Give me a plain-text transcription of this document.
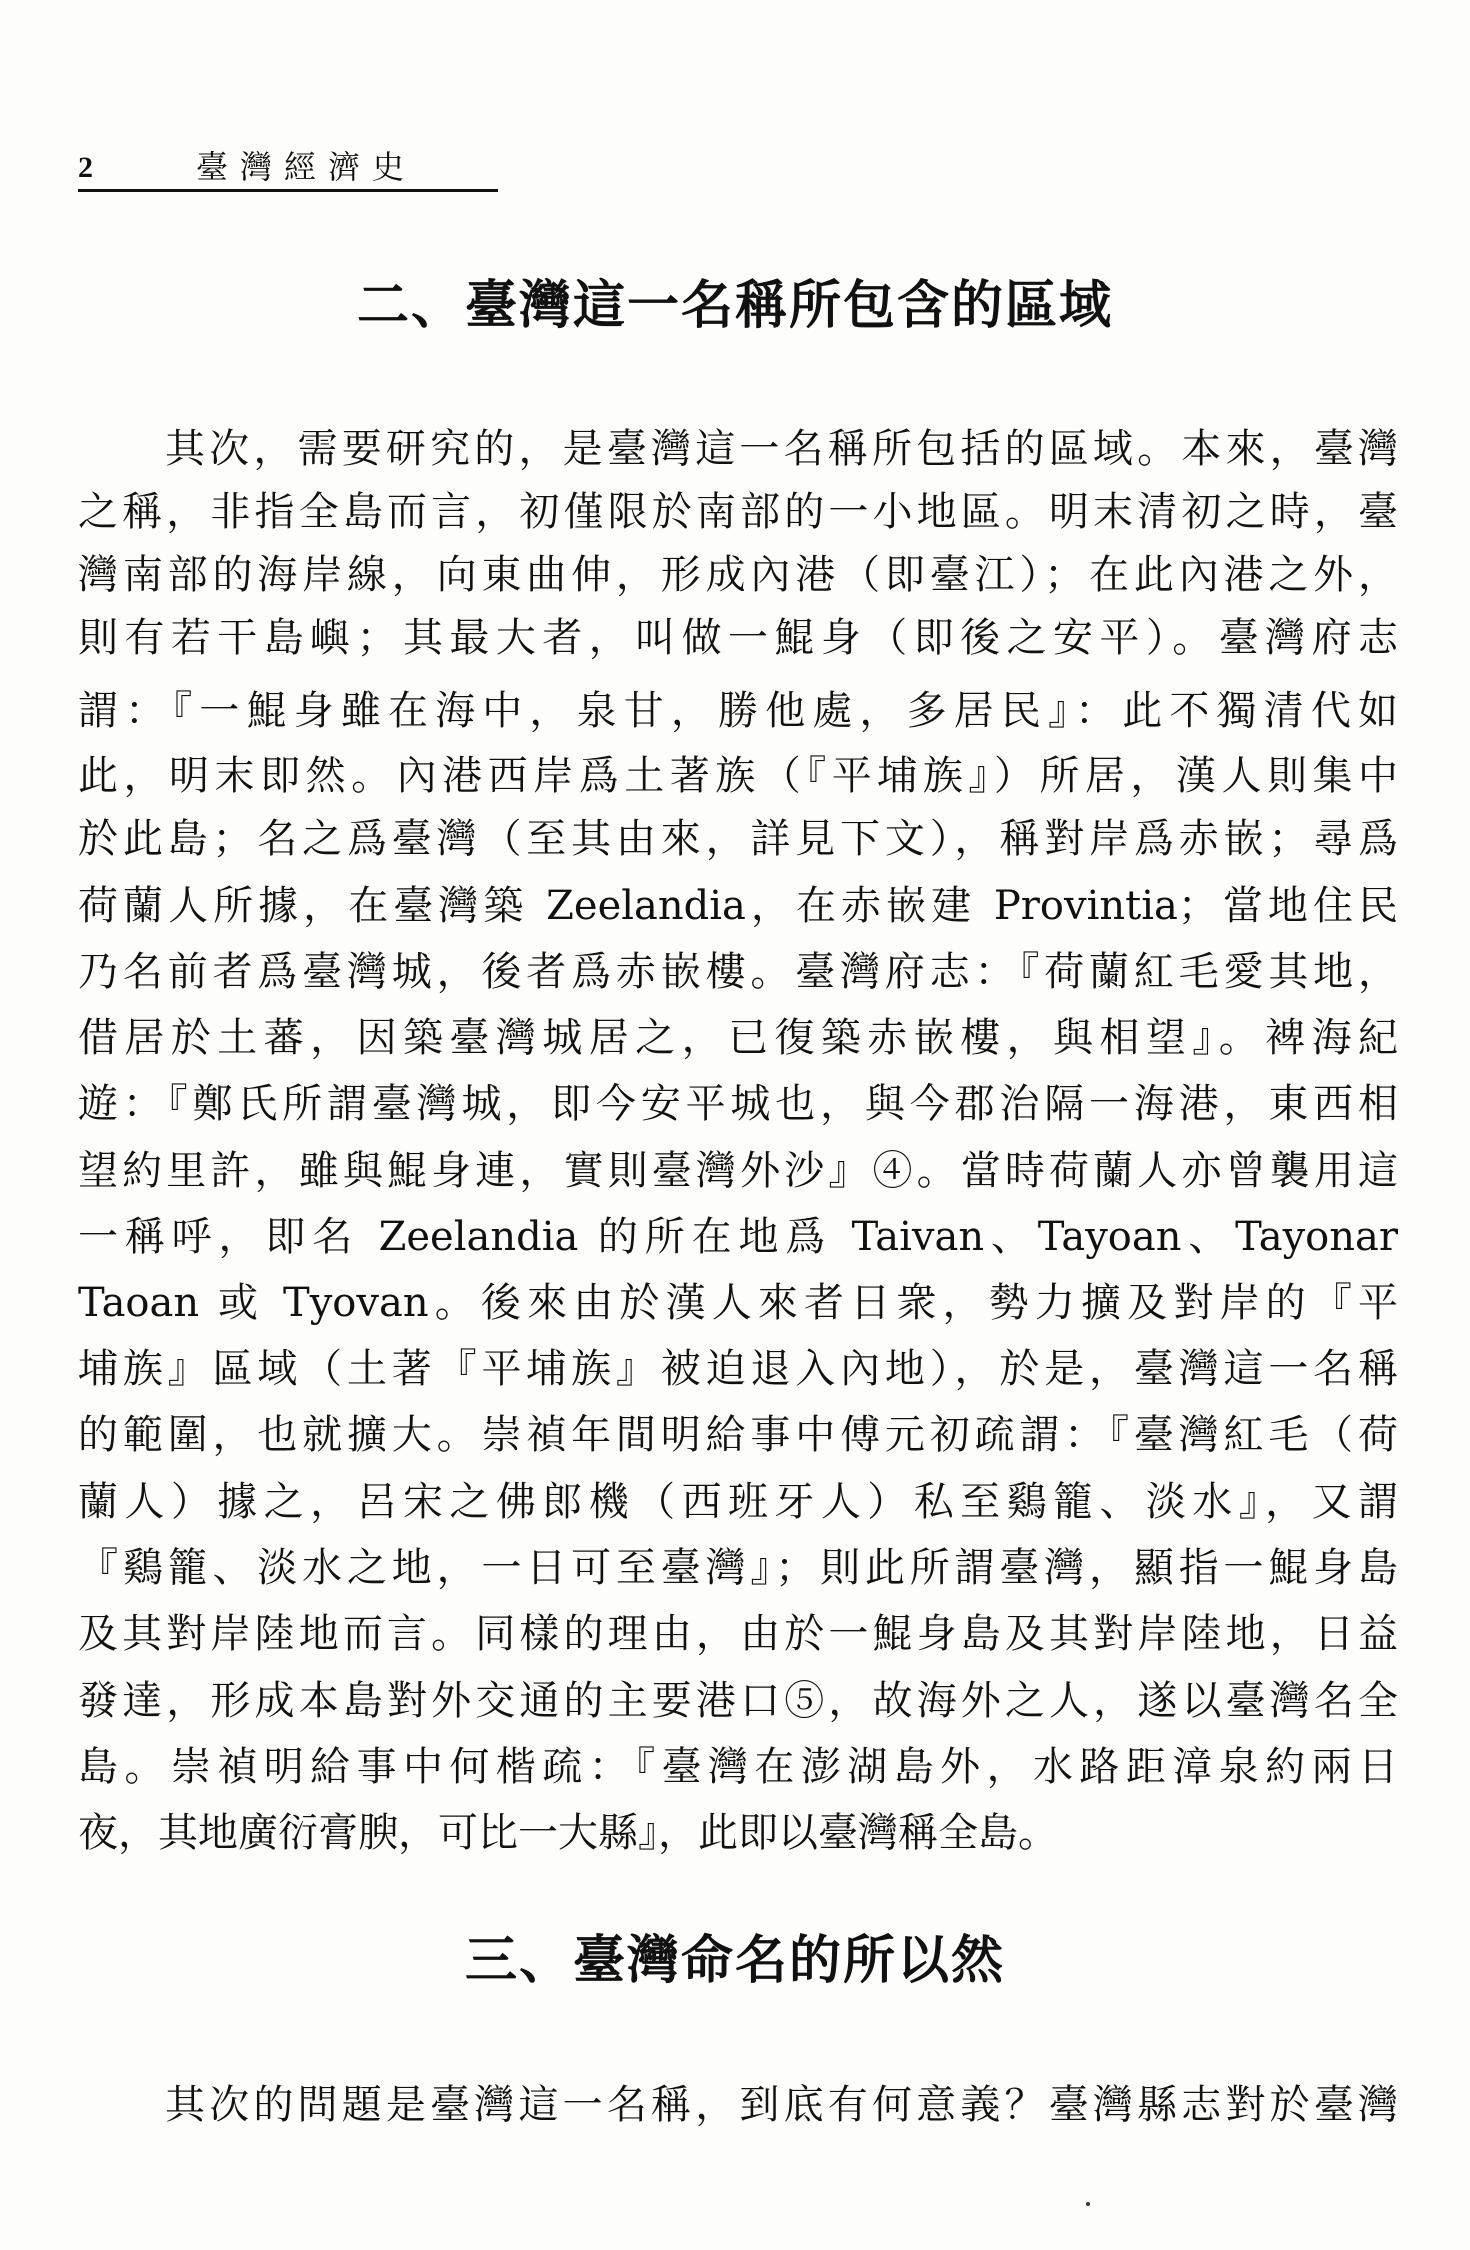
2	臺灣經濟史
二、臺灣這一名稱所包含的區域
其次，需要研究的，是臺灣這一名稱所包括的區域。本來，臺灣
之稱，非指全島而言，初僅限於南部的一小地區。明末清初之時，臺
灣南部的海岸線，向東曲伸，形成內港（即臺江）；在此內港之外，
則有若干島嶼；其最大者，叫做一鯤身（即後之安平）。臺灣府志
謂：『一鯤身雖在海中，泉甘，勝他處，多居民』：此不獨清代如
此，明末即然。內港西岸爲土著族（『平埔族』）所居，漢人則集中
於此島；名之爲臺灣（至其由來，詳見下文），稱對岸爲赤嵌；尋爲
荷蘭人所據，在臺灣築 Zeelandia，在赤嵌建 Provintia；當地住民
乃名前者爲臺灣城，後者爲赤嵌樓。臺灣府志：『荷蘭紅毛愛其地，
借居於土蕃，因築臺灣城居之，已復築赤嵌樓，與相望』。裨海紀
遊：『鄭氏所謂臺灣城，即今安平城也，與今郡治隔一海港，東西相
望約里許，雖與鯤身連，實則臺灣外沙』④。當時荷蘭人亦曾襲用這
一稱呼，即名 Zeelandia 的所在地爲 Taivan、Tayoan、Tayonar
Taoan 或 Tyovan。後來由於漢人來者日衆，勢力擴及對岸的『平
埔族』區域（土著『平埔族』被迫退入內地），於是，臺灣這一名稱
的範圍，也就擴大。崇禎年間明給事中傅元初疏謂：『臺灣紅毛（荷
蘭人）據之，呂宋之佛郎機（西班牙人）私至鷄籠、淡水』，又謂
『鷄籠、淡水之地，一日可至臺灣』；則此所謂臺灣，顯指一鯤身島
及其對岸陸地而言。同樣的理由，由於一鯤身島及其對岸陸地，日益
發達，形成本島對外交通的主要港口⑤，故海外之人，遂以臺灣名全
島。崇禎明給事中何楷疏：『臺灣在澎湖島外，水路距漳泉約兩日
夜，其地廣衍膏腴，可比一大縣』，此即以臺灣稱全島。
三、臺灣命名的所以然
其次的問題是臺灣這一名稱，到底有何意義？臺灣縣志對於臺灣
